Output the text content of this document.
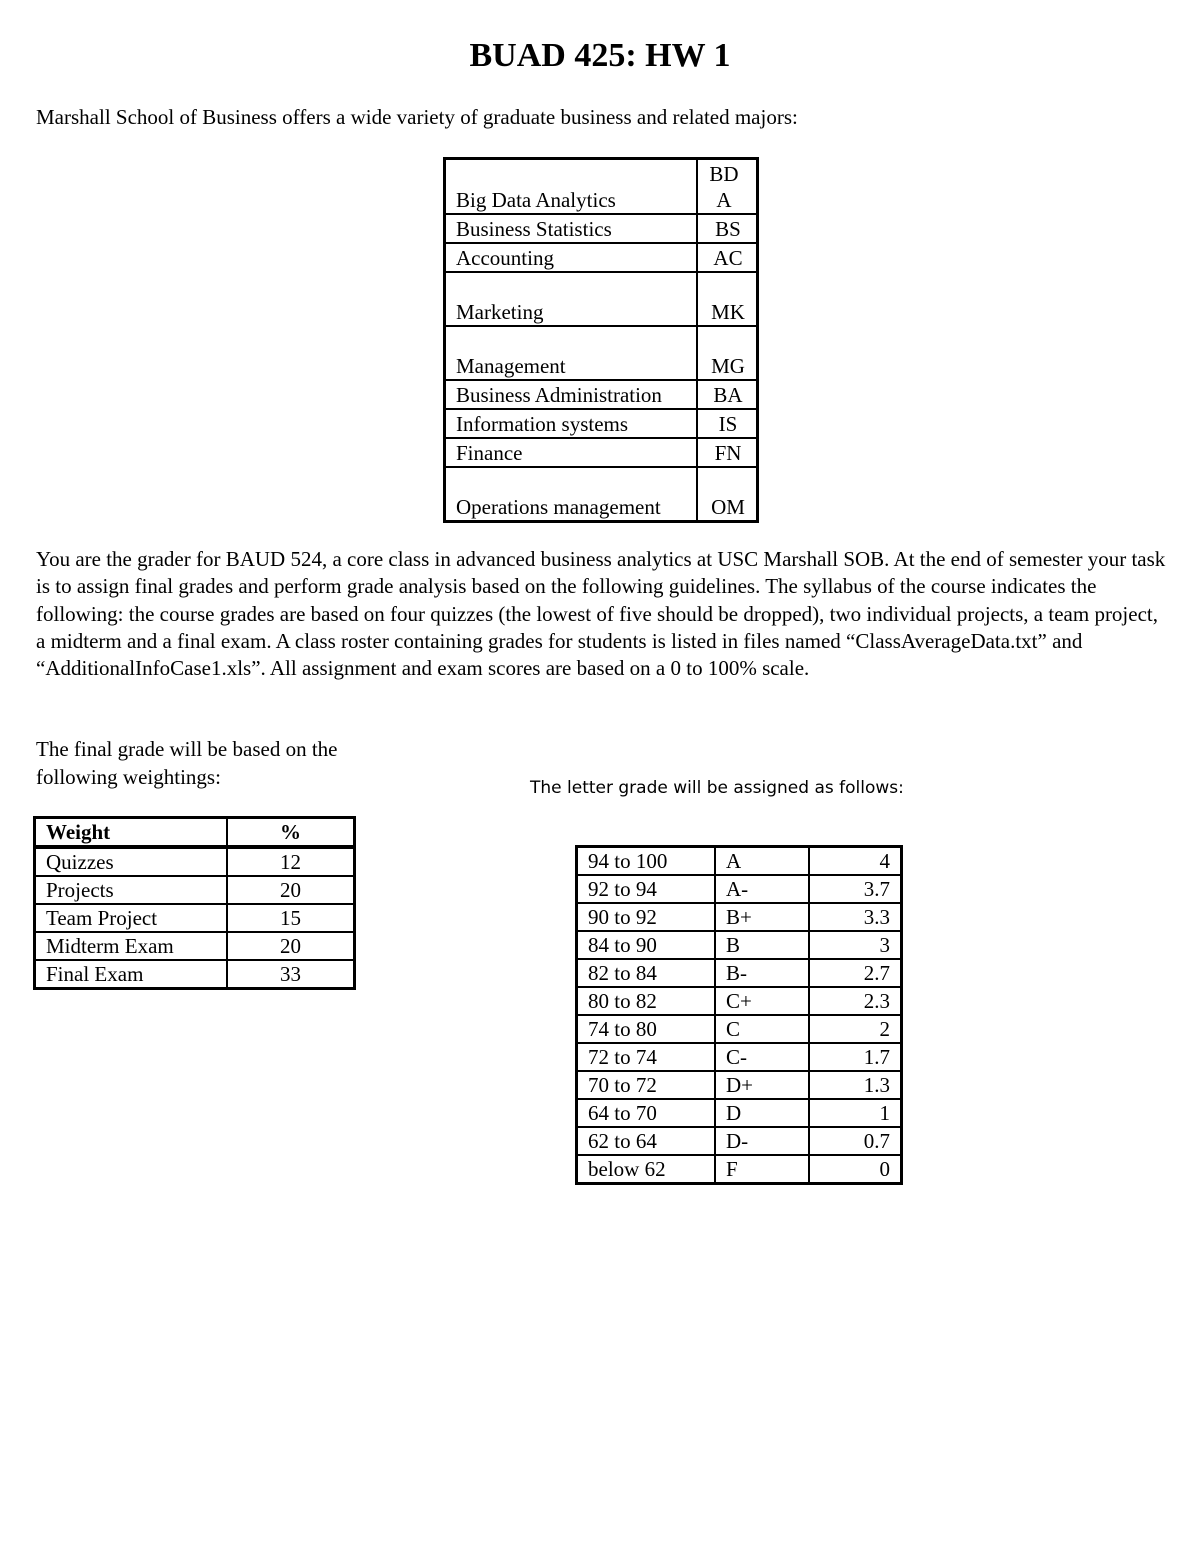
BUAD 425: HW 1
Marshall School of Business offers a wide variety of graduate business and related majors:
Big Data Analytics	BDA
Business Statistics	BS
Accounting	AC
Marketing	MK
Management	MG
Business Administration	BA
Information systems	IS
Finance	FN
Operations management	OM
You are the grader for BAUD 524, a core class in advanced business analytics at USC Marshall SOB. At the end of semester your task is to assign final grades and perform grade analysis based on the following guidelines. The syllabus of the course indicates the following: the course grades are based on four quizzes (the lowest of five should be dropped), two individual projects, a team project, a midterm and a final exam. A class roster containing grades for students is listed in files named “ClassAverageData.txt” and “AdditionalInfoCase1.xls”. All assignment and exam scores are based on a 0 to 100% scale.
The final grade will be based on the following weightings:	The letter grade will be assigned as follows:
Weight	%
Quizzes	12
Projects	20
Team Project	15
Midterm Exam	20
Final Exam	33
94 to 100	A	4
92 to 94	A-	3.7
90 to 92	B+	3.3
84 to 90	B	3
82 to 84	B-	2.7
80 to 82	C+	2.3
74 to 80	C	2
72 to 74	C-	1.7
70 to 72	D+	1.3
64 to 70	D	1
62 to 64	D-	0.7
below 62	F	0
